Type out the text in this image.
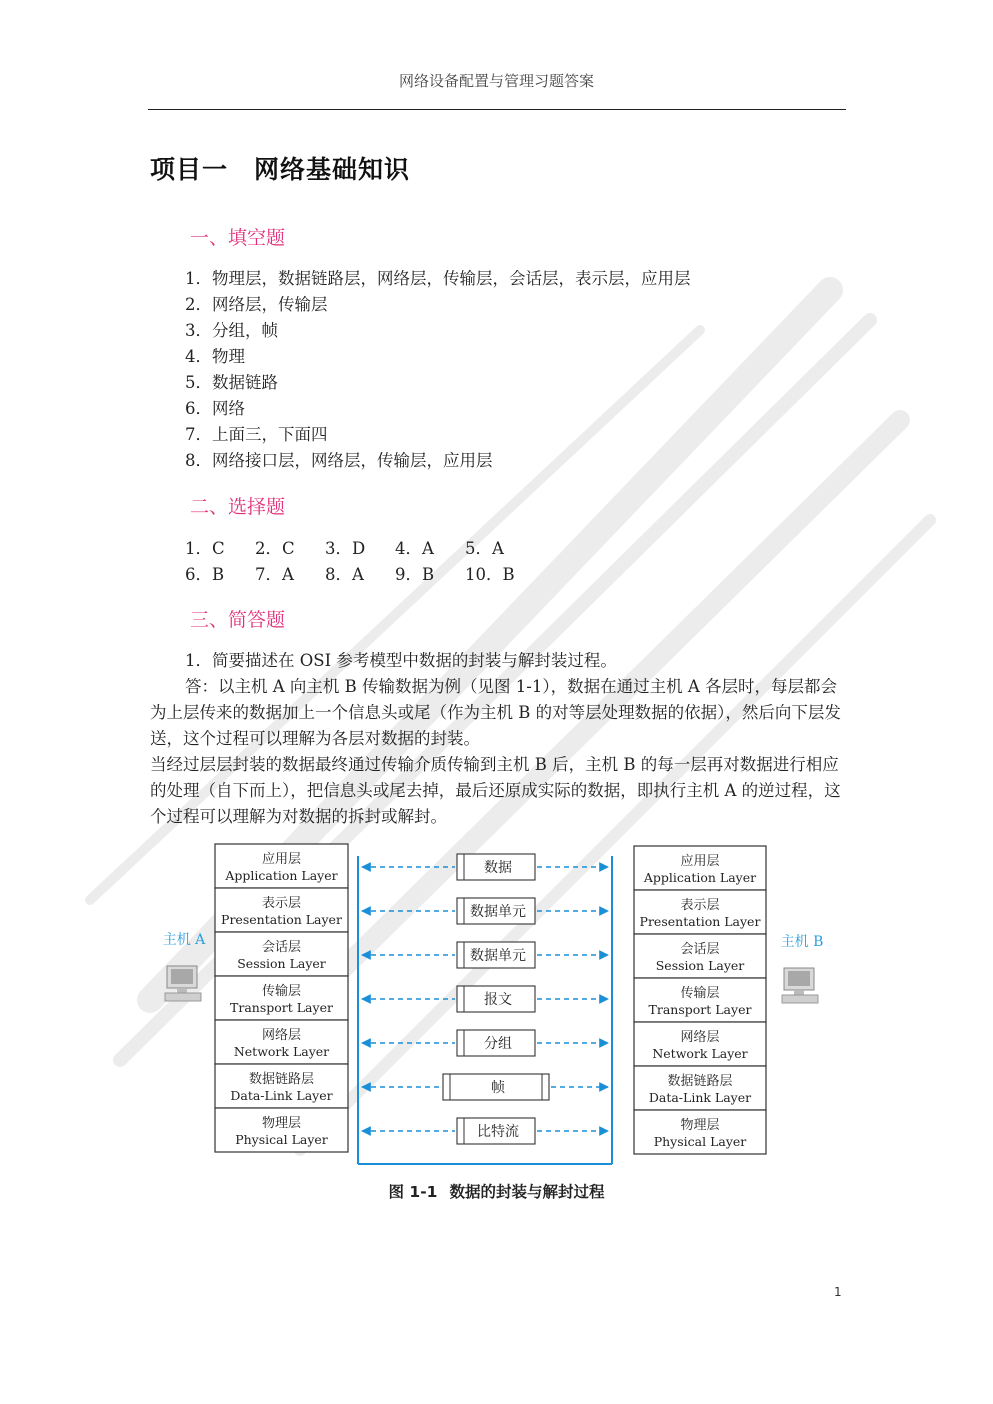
网络设备配置与管理习题答案
项目一　网络基础知识
一、填空题
1．物理层，数据链路层，网络层，传输层，会话层，表示层，应用层
2．网络层，传输层
3．分组，帧
4．物理
5．数据链路
6．网络
7．上面三，下面四
8．网络接口层，网络层，传输层，应用层
二、选择题
1．C 2．C 3．D 4．A 5．A
6．B 7．A 8．A 9．B 10．B
三、简答题
1．简要描述在 OSI 参考模型中数据的封装与解封装过程。
答：以主机 A 向主机 B 传输数据为例（见图 1-1），数据在通过主机 A 各层时，每层都会为上层传来的数据加上一个信息头或尾（作为主机 B 的对等层处理数据的依据），然后向下层发送，这个过程可以理解为各层对数据的封装。
当经过层层封装的数据最终通过传输介质传输到主机 B 后，主机 B 的每一层再对数据进行相应的处理（自下而上），把信息头或尾去掉，最后还原成实际的数据，即执行主机 A 的逆过程，这个过程可以理解为对数据的拆封或解封。
主机 A	主机 B
应用层
Application Layer
表示层
Presentation Layer
会话层
Session Layer
传输层
Transport Layer
网络层
Network Layer
数据链路层
Data-Link Layer
物理层
Physical Layer
应用层
Application Layer
表示层
Presentation Layer
会话层
Session Layer
传输层
Transport Layer
网络层
Network Layer
数据链路层
Data-Link Layer
物理层
Physical Layer
数据
数据单元
数据单元
报文
分组
帧
比特流
图 1-1 数据的封装与解封过程
1
